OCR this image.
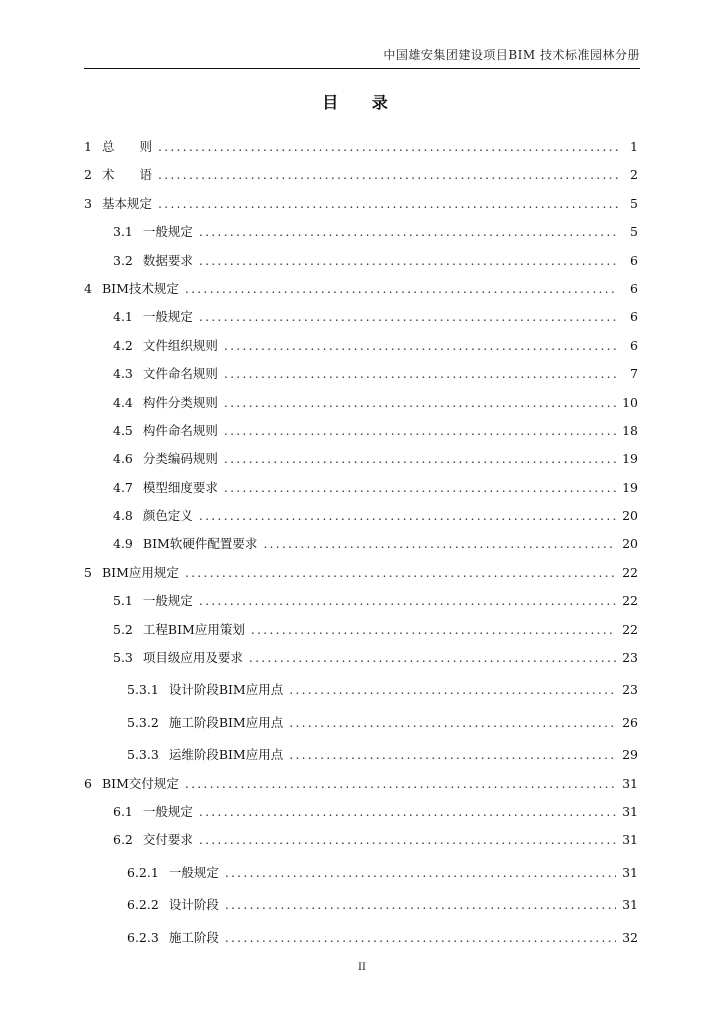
中国雄安集团建设项目BIM 技术标准园林分册
目 录
1 总　　则 .....	1
2 术　　语 .....	2
3 基本规定 .....	5
3.1 一般规定 .....	5
3.2 数据要求 .....	6
4 BIM技术规定 .....	6
4.1 一般规定 .....	6
4.2 文件组织规则 .....	6
4.3 文件命名规则 .....	7
4.4 构件分类规则 .....	10
4.5 构件命名规则 .....	18
4.6 分类编码规则 .....	19
4.7 模型细度要求 .....	19
4.8 颜色定义 .....	20
4.9 BIM软硬件配置要求 .....	20
5 BIM应用规定 .....	22
5.1 一般规定 .....	22
5.2 工程BIM应用策划 .....	22
5.3 项目级应用及要求 .....	23
5.3.1 设计阶段BIM应用点 .....	23
5.3.2 施工阶段BIM应用点 .....	26
5.3.3 运维阶段BIM应用点 .....	29
6 BIM交付规定 .....	31
6.1 一般规定 .....	31
6.2 交付要求 .....	31
6.2.1 一般规定 .....	31
6.2.2 设计阶段 .....	31
6.2.3 施工阶段 .....	32
II
